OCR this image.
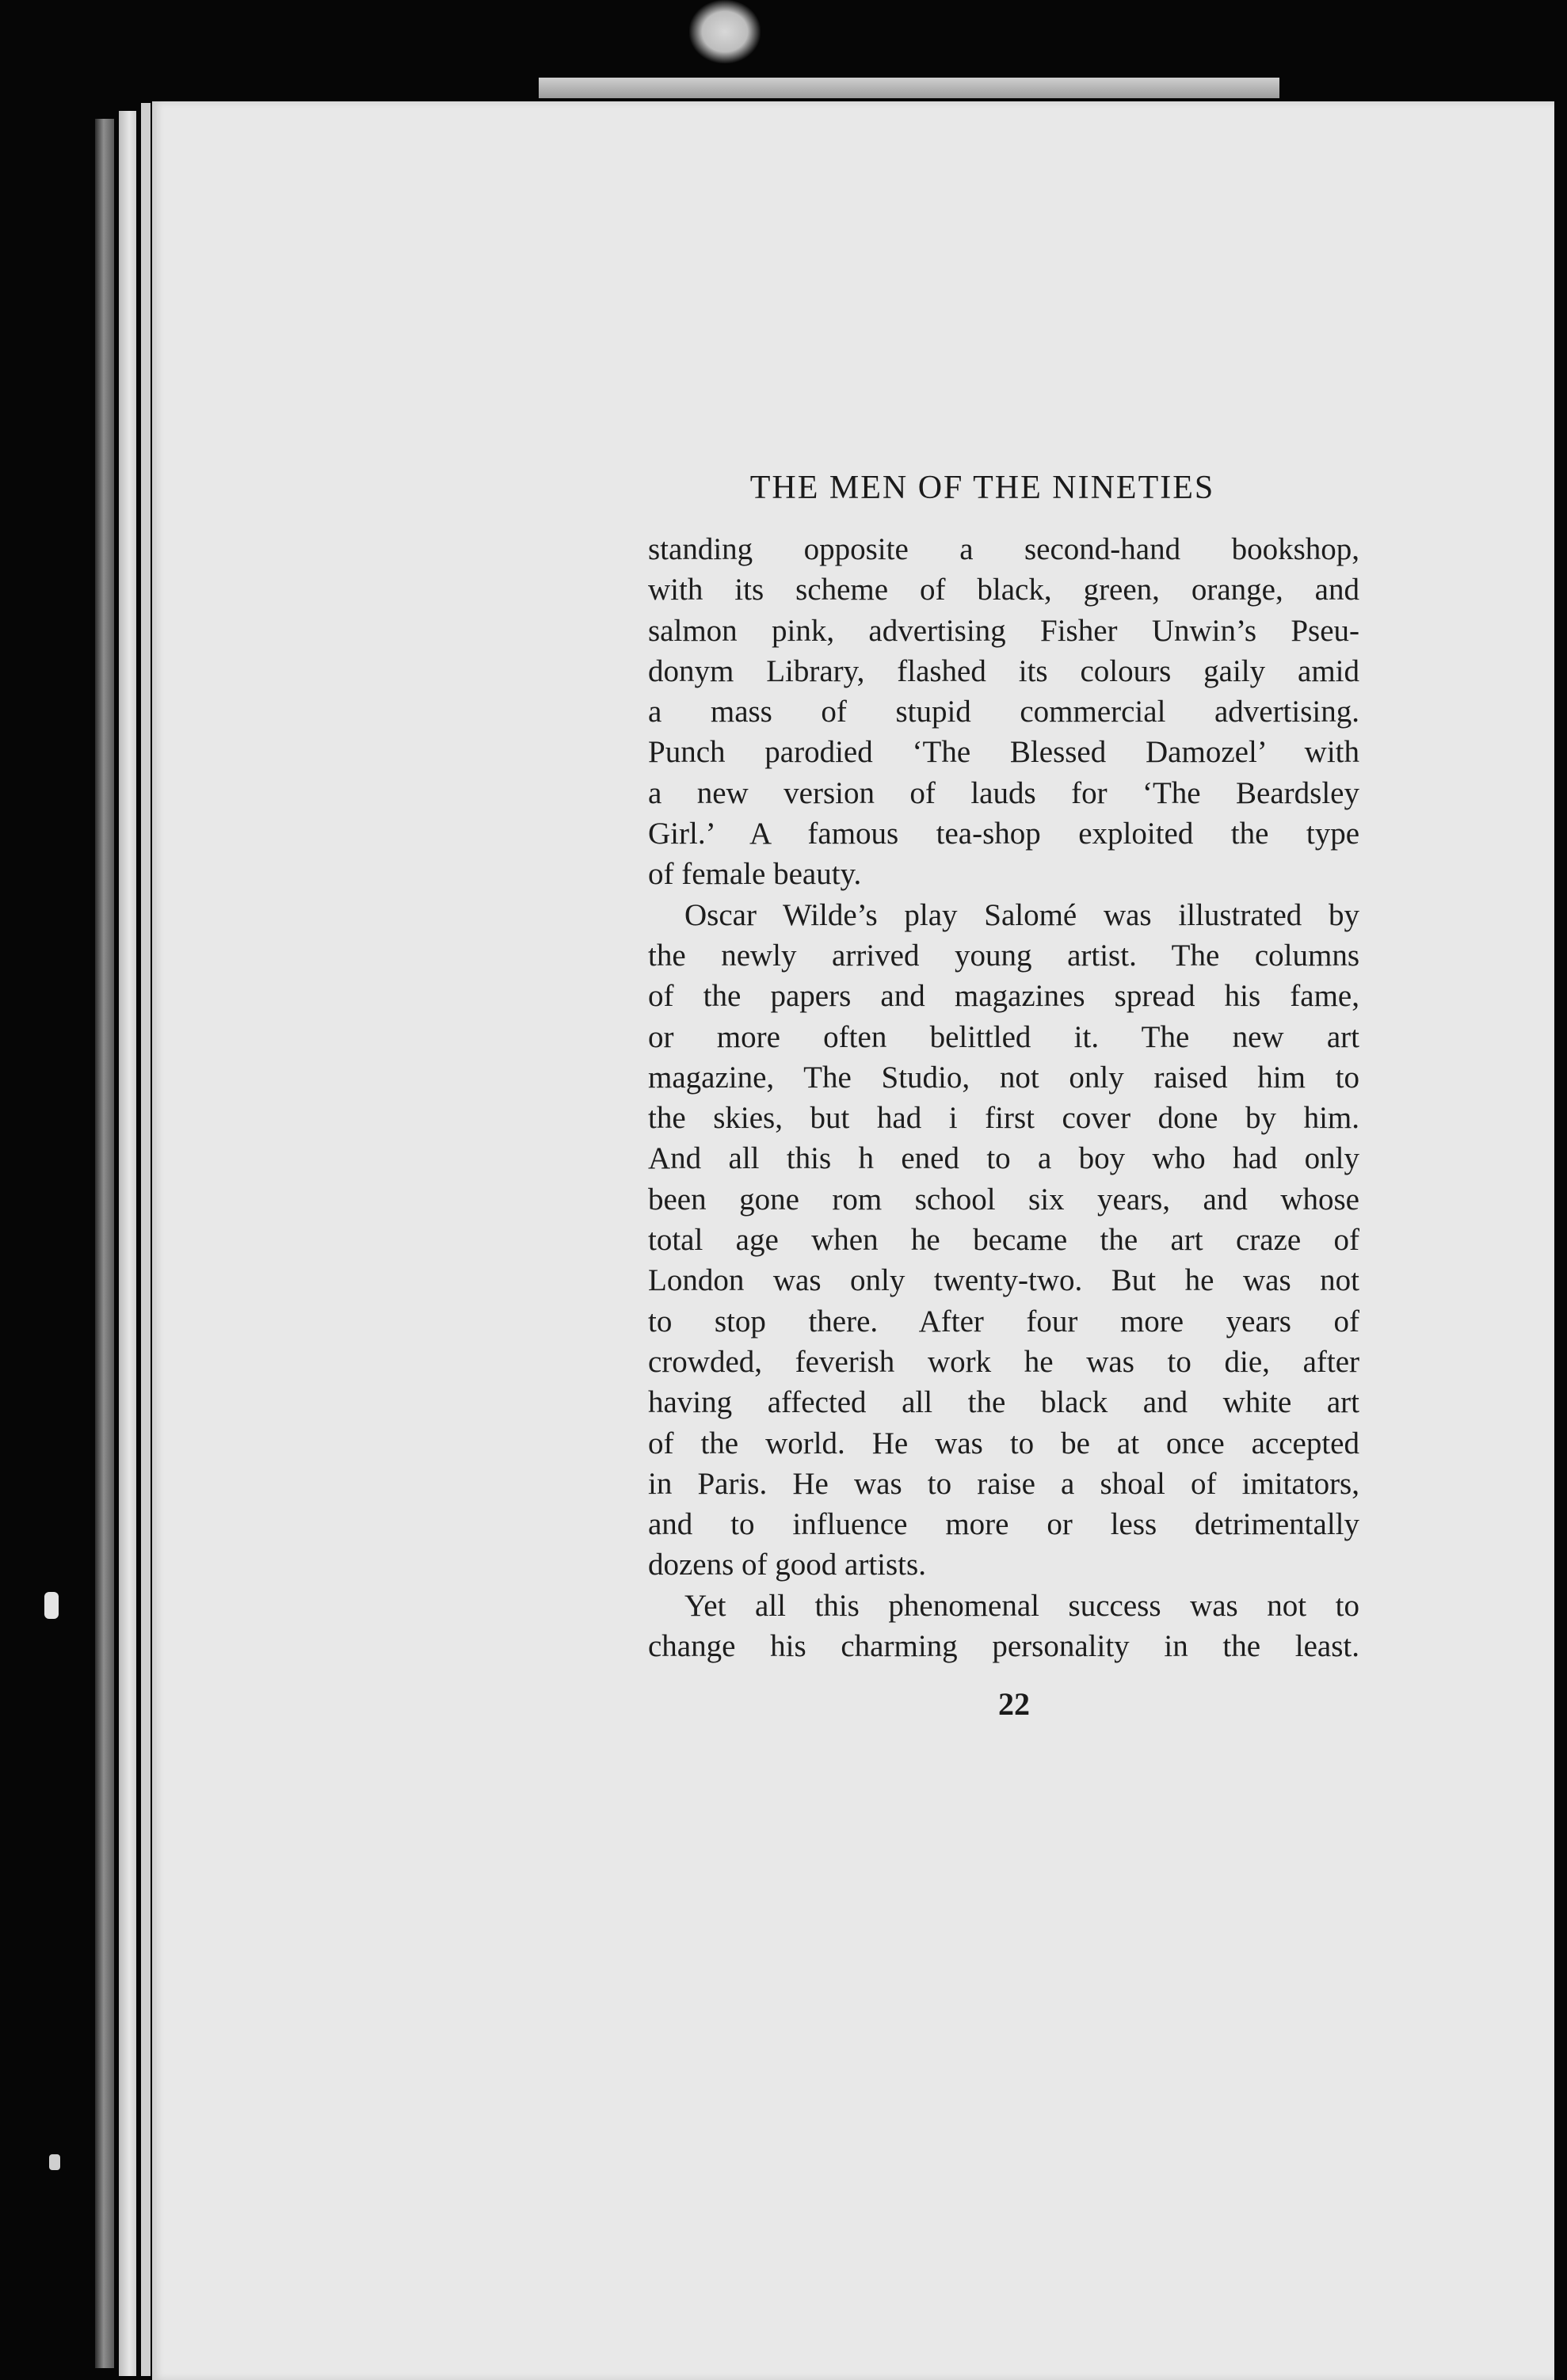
THE MEN OF THE NINETIES

standing opposite a second-hand bookshop,
with its scheme of black, green, orange, and
salmon pink, advertising Fisher Unwin’s Pseu-
donym Library, flashed its colours gaily amid
a mass of stupid commercial advertising.
Punch parodied ‘The Blessed Damozel’ with
a new version of lauds for ‘The Beardsley
Girl.’ A famous tea-shop exploited the type
of female beauty.

Oscar Wilde’s play Salomé was illustrated by
the newly arrived young artist. The columns
of the papers and magazines spread his fame,
or more often belittled it. The new art
magazine, The Studio, not only raised him to
the skies, but had i first cover done by him.
And all this h ened to a boy who had only
been gone rom school six years, and whose
total age when he became the art craze of
London was only twenty-two. But he was not
to stop there. After four more years of
crowded, feverish work he was to die, after
having affected all the black and white art
of the world. He was to be at once accepted
in Paris. He was to raise a shoal of imitators,
and to influence more or less detrimentally
dozens of good artists.

Yet all this phenomenal success was not to
change his charming personality in the least.

22
